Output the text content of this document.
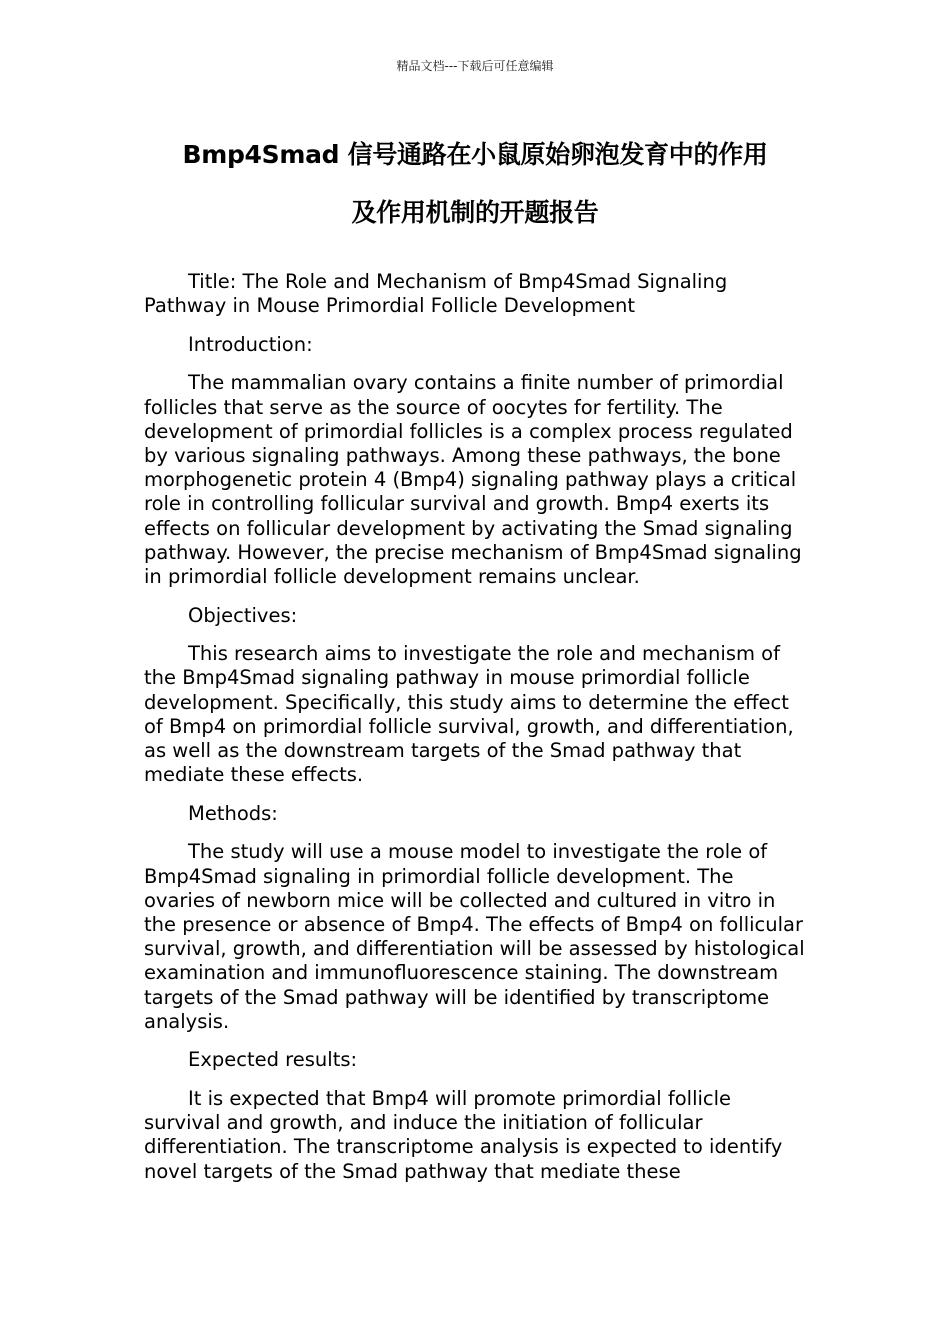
精品文档---下载后可任意编辑
Bmp4Smad 信号通路在小鼠原始卵泡发育中的作用
及作用机制的开题报告

Title: The Role and Mechanism of Bmp4Smad Signaling Pathway in Mouse Primordial Follicle Development

Introduction:

The mammalian ovary contains a finite number of primordial follicles that serve as the source of oocytes for fertility. The development of primordial follicles is a complex process regulated by various signaling pathways. Among these pathways, the bone morphogenetic protein 4 (Bmp4) signaling pathway plays a critical role in controlling follicular survival and growth. Bmp4 exerts its effects on follicular development by activating the Smad signaling pathway. However, the precise mechanism of Bmp4Smad signaling in primordial follicle development remains unclear.

Objectives:

This research aims to investigate the role and mechanism of the Bmp4Smad signaling pathway in mouse primordial follicle development. Specifically, this study aims to determine the effect of Bmp4 on primordial follicle survival, growth, and differentiation, as well as the downstream targets of the Smad pathway that mediate these effects.

Methods:

The study will use a mouse model to investigate the role of Bmp4Smad signaling in primordial follicle development. The ovaries of newborn mice will be collected and cultured in vitro in the presence or absence of Bmp4. The effects of Bmp4 on follicular survival, growth, and differentiation will be assessed by histological examination and immunofluorescence staining. The downstream targets of the Smad pathway will be identified by transcriptome analysis.

Expected results:

It is expected that Bmp4 will promote primordial follicle survival and growth, and induce the initiation of follicular differentiation. The transcriptome analysis is expected to identify novel targets of the Smad pathway that mediate these
